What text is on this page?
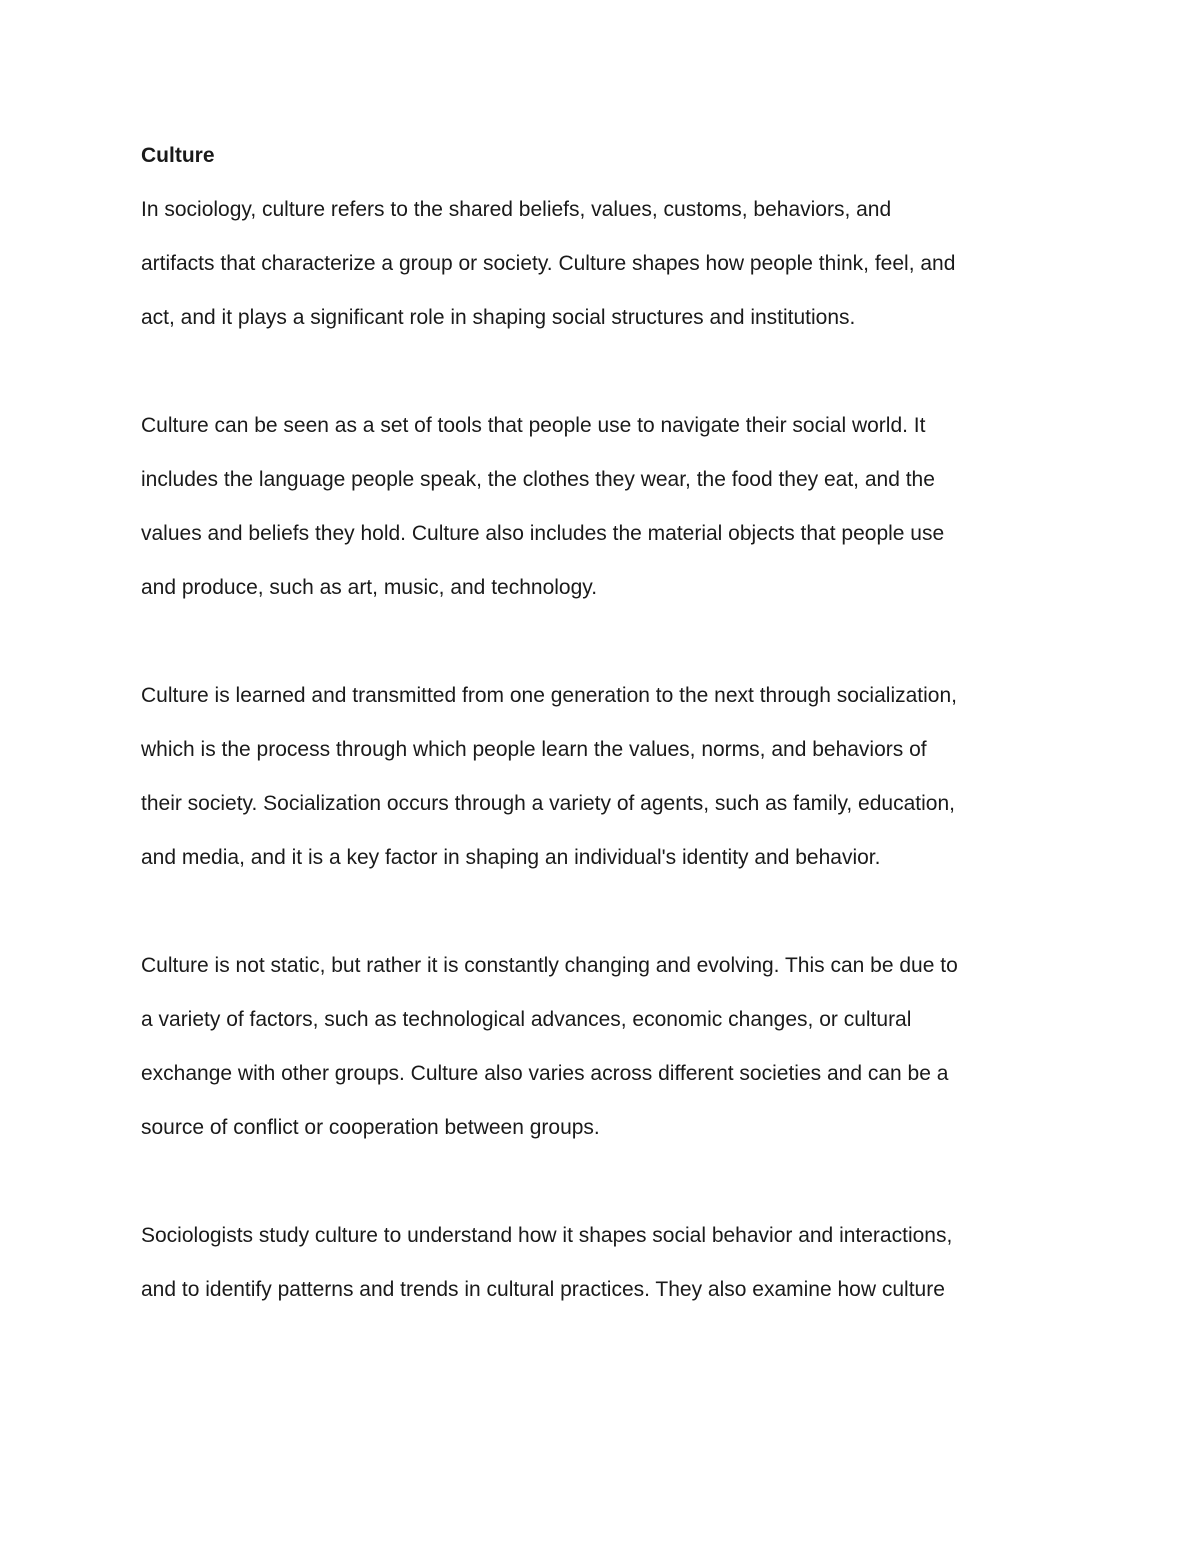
Culture
In sociology, culture refers to the shared beliefs, values, customs, behaviors, and
artifacts that characterize a group or society. Culture shapes how people think, feel, and
act, and it plays a significant role in shaping social structures and institutions.
Culture can be seen as a set of tools that people use to navigate their social world. It
includes the language people speak, the clothes they wear, the food they eat, and the
values and beliefs they hold. Culture also includes the material objects that people use
and produce, such as art, music, and technology.
Culture is learned and transmitted from one generation to the next through socialization,
which is the process through which people learn the values, norms, and behaviors of
their society. Socialization occurs through a variety of agents, such as family, education,
and media, and it is a key factor in shaping an individual's identity and behavior.
Culture is not static, but rather it is constantly changing and evolving. This can be due to
a variety of factors, such as technological advances, economic changes, or cultural
exchange with other groups. Culture also varies across different societies and can be a
source of conflict or cooperation between groups.
Sociologists study culture to understand how it shapes social behavior and interactions,
and to identify patterns and trends in cultural practices. They also examine how culture
